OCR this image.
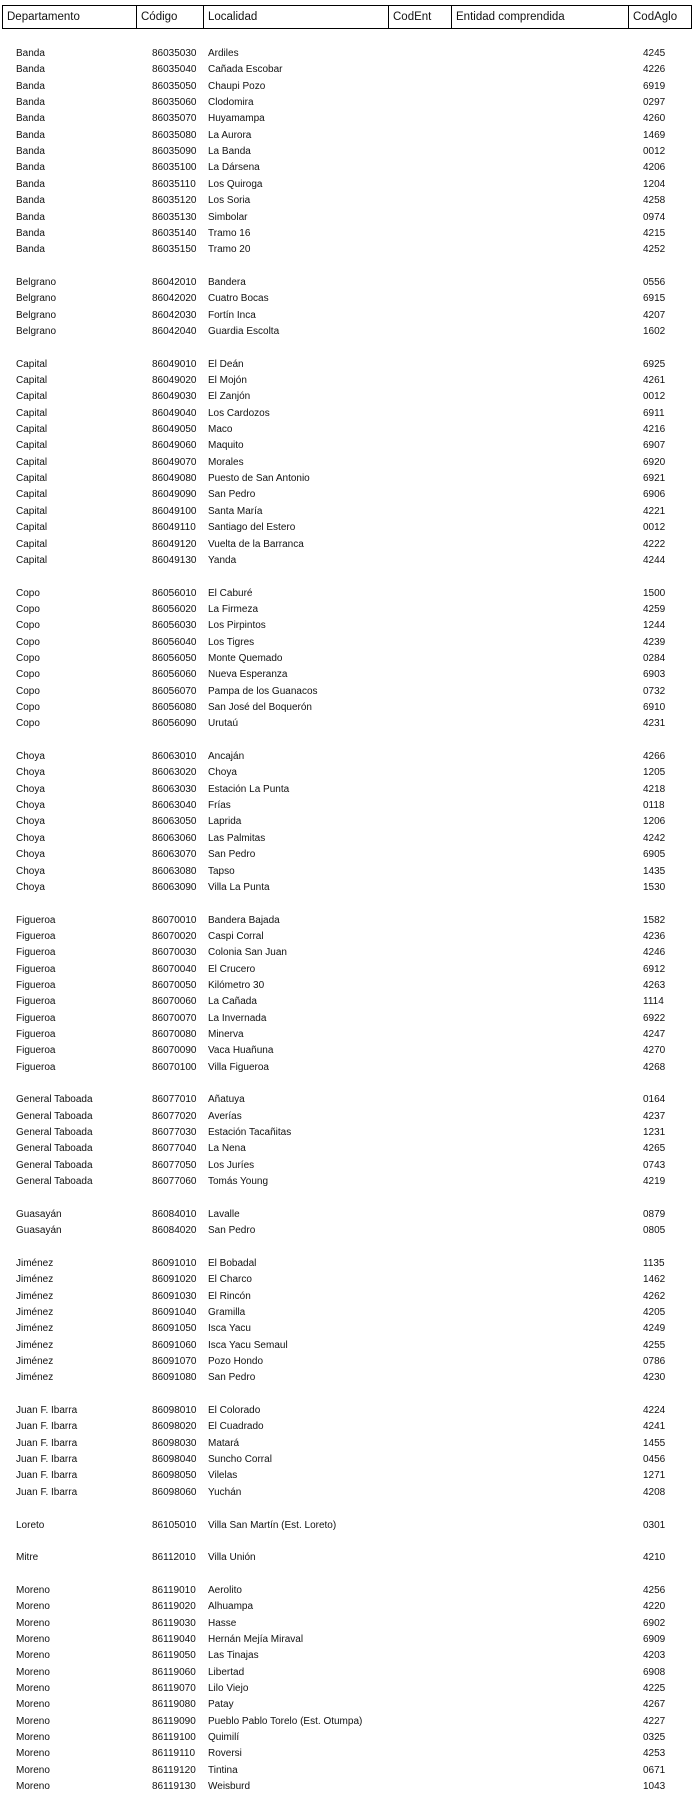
Departamento	Código	Localidad	CodEnt	Entidad comprendida	CodAglo
Banda	86035030 Ardiles	4245
Banda	86035040 Cañada Escobar	4226
Banda	86035050 Chaupi Pozo	6919
Banda	86035060 Clodomira	0297
Banda	86035070 Huyamampa	4260
Banda	86035080 La Aurora	1469
Banda	86035090 La Banda	0012
Banda	86035100 La Dársena	4206
Banda	86035110 Los Quiroga	1204
Banda	86035120 Los Soria	4258
Banda	86035130 Simbolar	0974
Banda	86035140 Tramo 16	4215
Banda	86035150 Tramo 20	4252
Belgrano	86042010 Bandera	0556
Belgrano	86042020 Cuatro Bocas	6915
Belgrano	86042030 Fortín Inca	4207
Belgrano	86042040 Guardia Escolta	1602
Capital	86049010 El Deán	6925
Capital	86049020 El Mojón	4261
Capital	86049030 El Zanjón	0012
Capital	86049040 Los Cardozos	6911
Capital	86049050 Maco	4216
Capital	86049060 Maquito	6907
Capital	86049070 Morales	6920
Capital	86049080 Puesto de San Antonio	6921
Capital	86049090 San Pedro	6906
Capital	86049100 Santa María	4221
Capital	86049110 Santiago del Estero	0012
Capital	86049120 Vuelta de la Barranca	4222
Capital	86049130 Yanda	4244
Copo	86056010 El Caburé	1500
Copo	86056020 La Firmeza	4259
Copo	86056030 Los Pirpintos	1244
Copo	86056040 Los Tigres	4239
Copo	86056050 Monte Quemado	0284
Copo	86056060 Nueva Esperanza	6903
Copo	86056070 Pampa de los Guanacos	0732
Copo	86056080 San José del Boquerón	6910
Copo	86056090 Urutaú	4231
Choya	86063010 Ancaján	4266
Choya	86063020 Choya	1205
Choya	86063030 Estación La Punta	4218
Choya	86063040 Frías	0118
Choya	86063050 Laprida	1206
Choya	86063060 Las Palmitas	4242
Choya	86063070 San Pedro	6905
Choya	86063080 Tapso	1435
Choya	86063090 Villa La Punta	1530
Figueroa	86070010 Bandera Bajada	1582
Figueroa	86070020 Caspi Corral	4236
Figueroa	86070030 Colonia San Juan	4246
Figueroa	86070040 El Crucero	6912
Figueroa	86070050 Kilómetro 30	4263
Figueroa	86070060 La Cañada	1114
Figueroa	86070070 La Invernada	6922
Figueroa	86070080 Minerva	4247
Figueroa	86070090 Vaca Huañuna	4270
Figueroa	86070100 Villa Figueroa	4268
General Taboada	86077010 Añatuya	0164
General Taboada	86077020 Averías	4237
General Taboada	86077030 Estación Tacañitas	1231
General Taboada	86077040 La Nena	4265
General Taboada	86077050 Los Juríes	0743
General Taboada	86077060 Tomás Young	4219
Guasayán	86084010 Lavalle	0879
Guasayán	86084020 San Pedro	0805
Jiménez	86091010 El Bobadal	1135
Jiménez	86091020 El Charco	1462
Jiménez	86091030 El Rincón	4262
Jiménez	86091040 Gramilla	4205
Jiménez	86091050 Isca Yacu	4249
Jiménez	86091060 Isca Yacu Semaul	4255
Jiménez	86091070 Pozo Hondo	0786
Jiménez	86091080 San Pedro	4230
Juan F. Ibarra	86098010 El Colorado	4224
Juan F. Ibarra	86098020 El Cuadrado	4241
Juan F. Ibarra	86098030 Matará	1455
Juan F. Ibarra	86098040 Suncho Corral	0456
Juan F. Ibarra	86098050 Vilelas	1271
Juan F. Ibarra	86098060 Yuchán	4208
Loreto	86105010 Villa San Martín (Est. Loreto)	0301
Mitre	86112010 Villa Unión	4210
Moreno	86119010 Aerolito	4256
Moreno	86119020 Alhuampa	4220
Moreno	86119030 Hasse	6902
Moreno	86119040 Hernán Mejía Miraval	6909
Moreno	86119050 Las Tinajas	4203
Moreno	86119060 Libertad	6908
Moreno	86119070 Lilo Viejo	4225
Moreno	86119080 Patay	4267
Moreno	86119090 Pueblo Pablo Torelo (Est. Otumpa)	4227
Moreno	86119100 Quimilí	0325
Moreno	86119110 Roversi	4253
Moreno	86119120 Tintina	0671
Moreno	86119130 Weisburd	1043
